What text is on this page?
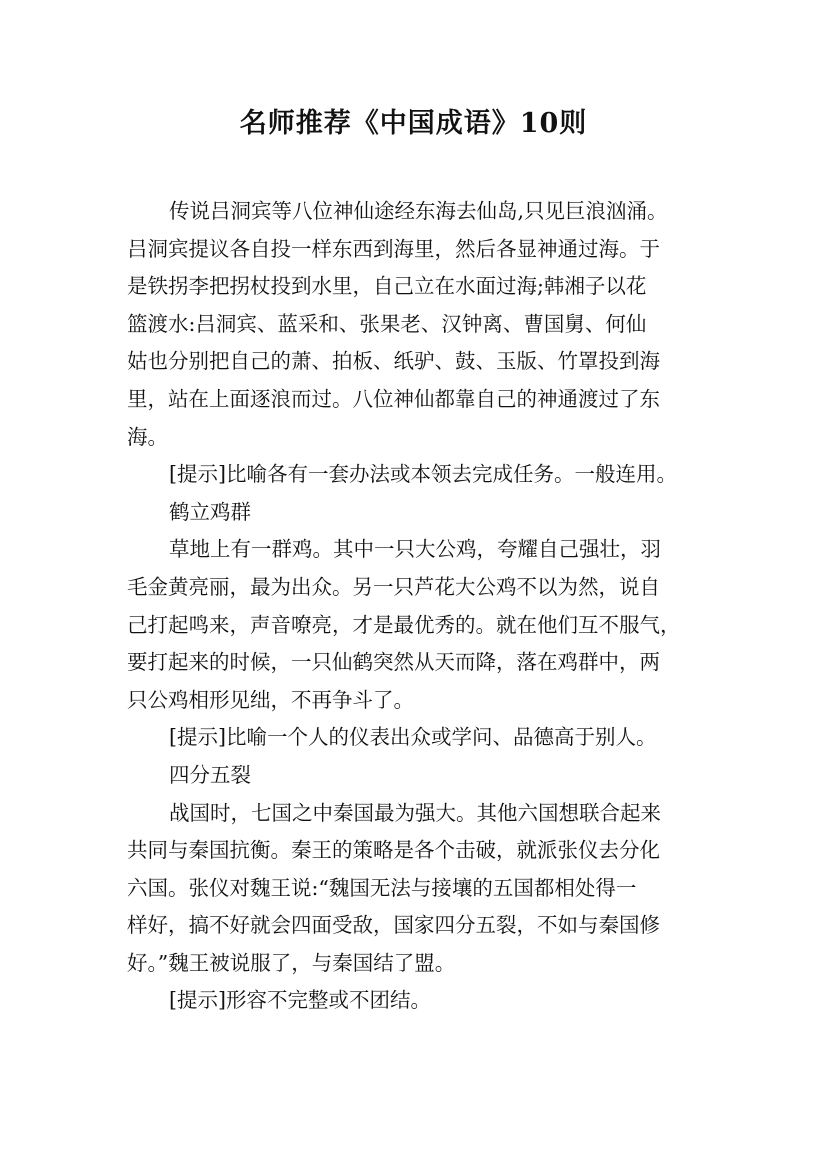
名师推荐《中国成语》10则
传说吕洞宾等八位神仙途经东海去仙岛,只见巨浪汹涌。
吕洞宾提议各自投一样东西到海里，然后各显神通过海。于
是铁拐李把拐杖投到水里，自己立在水面过海;韩湘子以花
篮渡水:吕洞宾、蓝采和、张果老、汉钟离、曹国舅、何仙
姑也分别把自己的萧、拍板、纸驴、鼓、玉版、竹罩投到海
里，站在上面逐浪而过。八位神仙都靠自己的神通渡过了东
海。
[提示]比喻各有一套办法或本领去完成任务。一般连用。
鹤立鸡群
草地上有一群鸡。其中一只大公鸡，夸耀自己强壮，羽
毛金黄亮丽，最为出众。另一只芦花大公鸡不以为然，说自
己打起鸣来，声音嘹亮，才是最优秀的。就在他们互不服气，
要打起来的时候，一只仙鹤突然从天而降，落在鸡群中，两
只公鸡相形见绌，不再争斗了。
[提示]比喻一个人的仪表出众或学问、品德高于别人。
四分五裂
战国时，七国之中秦国最为强大。其他六国想联合起来
共同与秦国抗衡。秦王的策略是各个击破，就派张仪去分化
六国。张仪对魏王说:“魏国无法与接壤的五国都相处得一
样好，搞不好就会四面受敌，国家四分五裂，不如与秦国修
好。”魏王被说服了，与秦国结了盟。
[提示]形容不完整或不团结。
